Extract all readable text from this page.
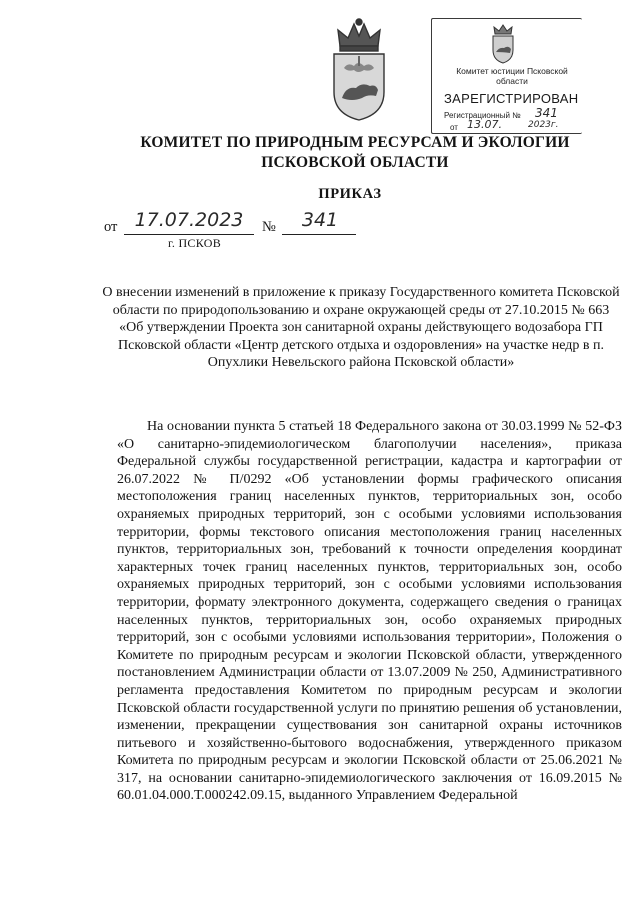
Комитет юстиции Псковской области
ЗАРЕГИСТРИРОВАН
Регистрационный № 341
от 13.07.	2023г.
КОМИТЕТ ПО ПРИРОДНЫМ РЕСУРСАМ И ЭКОЛОГИИ ПСКОВСКОЙ ОБЛАСТИ
ПРИКАЗ
от 17.07.2023	№	341
г. ПСКОВ
О внесении изменений в приложение к приказу Государственного комитета Псковской области по природопользованию и охране окружающей среды от 27.10.2015 № 663 «Об утверждении Проекта зон санитарной охраны действующего водозабора ГП Псковской области «Центр детского отдыха и оздоровления» на участке недр в п. Опухлики Невельского района Псковской области»

На основании пункта 5 статьей 18 Федерального закона от 30.03.1999 № 52-ФЗ «О санитарно-эпидемиологическом благополучии населения», приказа Федеральной службы государственной регистрации, кадастра и картографии от 26.07.2022 № П/0292 «Об установлении формы графического описания местоположения границ населенных пунктов, территориальных зон, особо охраняемых природных территорий, зон с особыми условиями использования территории, формы текстового описания местоположения границ населенных пунктов, территориальных зон, требований к точности определения координат характерных точек границ населенных пунктов, территориальных зон, особо охраняемых природных территорий, зон с особыми условиями использования территории, формату электронного документа, содержащего сведения о границах населенных пунктов, территориальных зон, особо охраняемых природных территорий, зон с особыми условиями использования территории», Положения о Комитете по природным ресурсам и экологии Псковской области, утвержденного постановлением Администрации области от 13.07.2009 № 250, Административного регламента предоставления Комитетом по природным ресурсам и экологии Псковской области государственной услуги по принятию решения об установлении, изменении, прекращении существования зон санитарной охраны источников питьевого и хозяйственно-бытового водоснабжения, утвержденного приказом Комитета по природным ресурсам и экологии Псковской области от 25.06.2021 № 317, на основании санитарно-эпидемиологического заключения от 16.09.2015 № 60.01.04.000.Т.000242.09.15, выданного Управлением Федеральной
